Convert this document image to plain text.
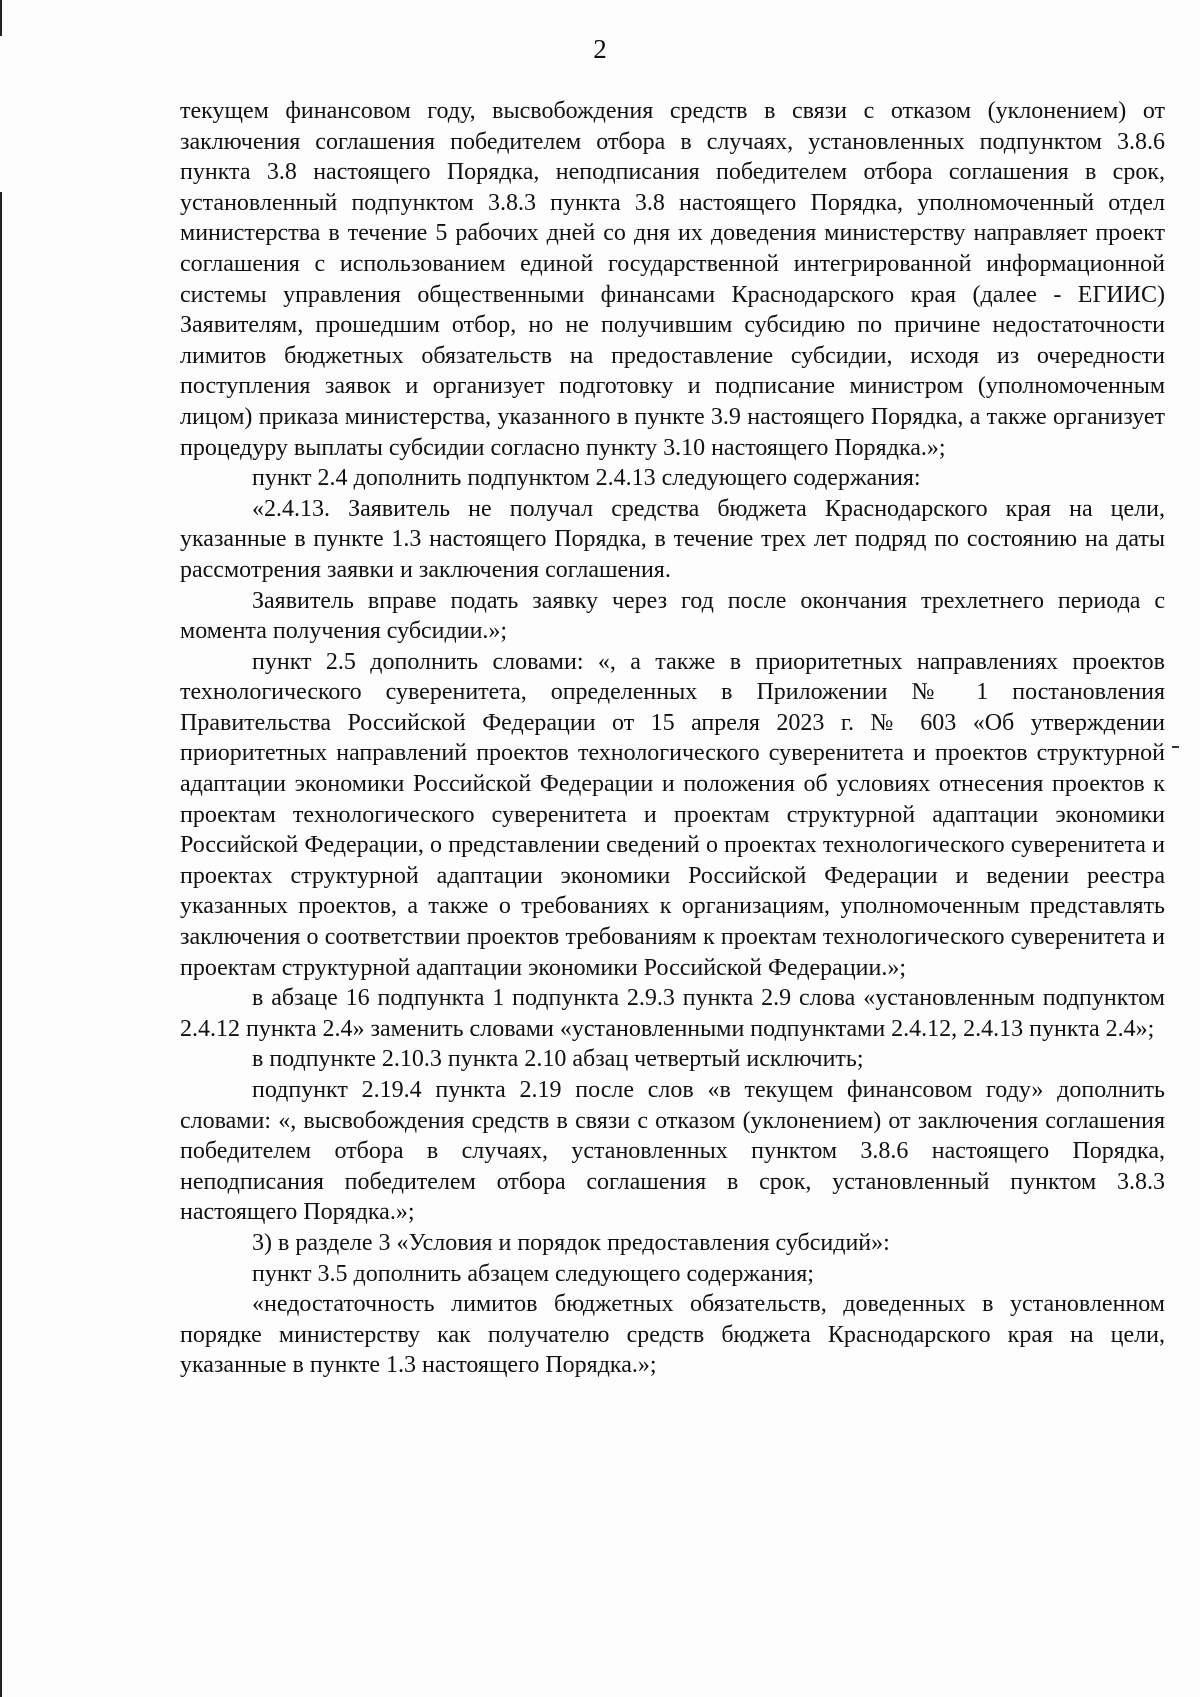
2

текущем финансовом году, высвобождения средств в связи с отказом (уклонением) от заключения соглашения победителем отбора в случаях, установленных подпунктом 3.8.6 пункта 3.8 настоящего Порядка, неподписания победителем отбора соглашения в срок, установленный подпунктом 3.8.3 пункта 3.8 настоящего Порядка, уполномоченный отдел министерства в течение 5 рабочих дней со дня их доведения министерству направляет проект соглашения с использованием единой государственной интегрированной информационной системы управления общественными финансами Краснодарского края (далее - ЕГИИС) Заявителям, прошедшим отбор, но не получившим субсидию по причине недостаточности лимитов бюджетных обязательств на предоставление субсидии, исходя из очередности поступления заявок и организует подготовку и подписание министром (уполномоченным лицом) приказа министерства, указанного в пункте 3.9 настоящего Порядка, а также организует процедуру выплаты субсидии согласно пункту 3.10 настоящего Порядка.»;

пункт 2.4 дополнить подпунктом 2.4.13 следующего содержания:

«2.4.13. Заявитель не получал средства бюджета Краснодарского края на цели, указанные в пункте 1.3 настоящего Порядка, в течение трех лет подряд по состоянию на даты рассмотрения заявки и заключения соглашения.

Заявитель вправе подать заявку через год после окончания трехлетнего периода с момента получения субсидии.»;

пункт 2.5 дополнить словами: «, а также в приоритетных направлениях проектов технологического суверенитета, определенных в Приложении № 1 постановления Правительства Российской Федерации от 15 апреля 2023 г. № 603 «Об утверждении приоритетных направлений проектов технологического суверенитета и проектов структурной адаптации экономики Российской Федерации и положения об условиях отнесения проектов к проектам технологического суверенитета и проектам структурной адаптации экономики Российской Федерации, о представлении сведений о проектах технологического суверенитета и проектах структурной адаптации экономики Российской Федерации и ведении реестра указанных проектов, а также о требованиях к организациям, уполномоченным представлять заключения о соответствии проектов требованиям к проектам технологического суверенитета и проектам структурной адаптации экономики Российской Федерации.»;

в абзаце 16 подпункта 1 подпункта 2.9.3 пункта 2.9 слова «установленным подпунктом 2.4.12 пункта 2.4» заменить словами «установленными подпунктами 2.4.12, 2.4.13 пункта 2.4»;

в подпункте 2.10.3 пункта 2.10 абзац четвертый исключить;

подпункт 2.19.4 пункта 2.19 после слов «в текущем финансовом году» дополнить словами: «, высвобождения средств в связи с отказом (уклонением) от заключения соглашения победителем отбора в случаях, установленных пунктом 3.8.6 настоящего Порядка, неподписания победителем отбора соглашения в срок, установленный пунктом 3.8.3 настоящего Порядка.»;

3) в разделе 3 «Условия и порядок предоставления субсидий»:

пункт 3.5 дополнить абзацем следующего содержания;

«недостаточность лимитов бюджетных обязательств, доведенных в установленном порядке министерству как получателю средств бюджета Краснодарского края на цели, указанные в пункте 1.3 настоящего Порядка.»;
